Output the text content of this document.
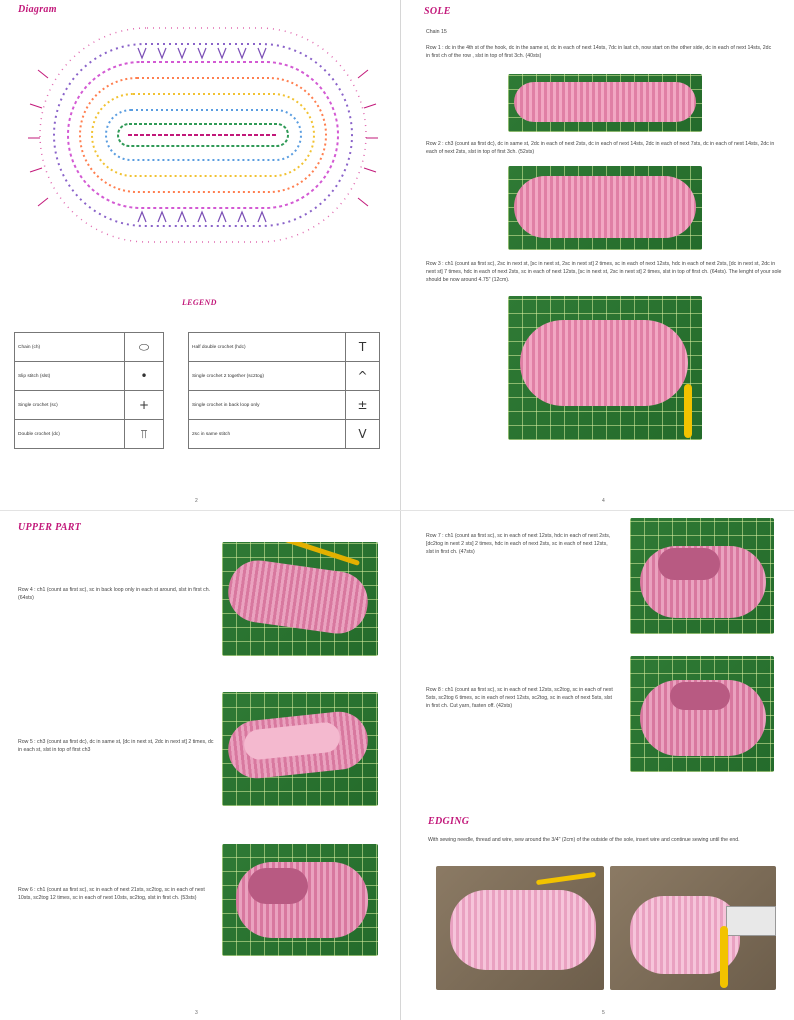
Diagram
LEGEND
Chain (ch)	⬭
Slip stitch (slst)	•
Single crochet (sc)	+
Double crochet (dc)	⫪
Half double crochet (hdc)	T
Single crochet 2 together (sc2tog)	^
Single crochet in back loop only	±
2sc in same stitch	V
2
SOLE
Chain 15
Row 1 : dc in the 4th st of the hook, dc in the same st, dc in each of next 14sts, 7dc in last ch, now start on the other side, dc in each of next 14sts, 2dc in first ch of the row , slst in top of first 3ch. (40sts)
Row 2 : ch3 (count as first dc), dc in same st, 2dc in each of next 2sts, dc in each of next 14sts, 2dc in each of next 7sts, dc in each of next 14sts, 2dc in each of next 2sts, slst in top of first 3ch. (52sts)
Row 3 : ch1 (count as first sc), 2sc in next st, [sc in next st, 2sc in next st] 2 times, sc in each of next 12sts, hdc in each of next 2sts, [dc in next st, 2dc in next st] 7 times, hdc in each of next 2sts, sc in each of next 12sts, [sc in next st, 2sc in next st] 2 times, slst in top of first ch. (64sts). The lenght of your sole should be now around 4.75" (12cm).
4
UPPER PART
Row 4 : ch1 (count as first sc), sc in back loop only in each st around, slst in first ch. (64sts)
Row 5 : ch3 (count as first dc), dc in same st, [dc in next st, 2dc in next st] 2 times, dc in each st, slst in top of first ch3
Row 6 : ch1 (count as first sc), sc in each of next 21sts, sc2tog, sc in each of next 10sts, sc2tog 12 times, sc in each of next 10sts, sc2tog, slst in first ch. (53sts)
3
Row 7 : ch1 (count as first sc), sc in each of next 12sts, hdc in each of next 2sts, [dc2tog in next 2 sts] 2 times, hdc in each of next 2sts, sc in each of next 12sts, slst in first ch. (47sts)
Row 8 : ch1 (count as first sc), sc in each of next 12sts, sc2tog, sc in each of next 5sts, sc2tog 6 times, sc in each of next 12sts, sc2tog, sc in each of next 5sts, slst in first ch. Cut yarn, fasten off. (42sts)
EDGING
With sewing needle, thread and wire, sew around the 3/4" (2cm) of the outside of the sole, insert wire and continue sewing until the end.
5
